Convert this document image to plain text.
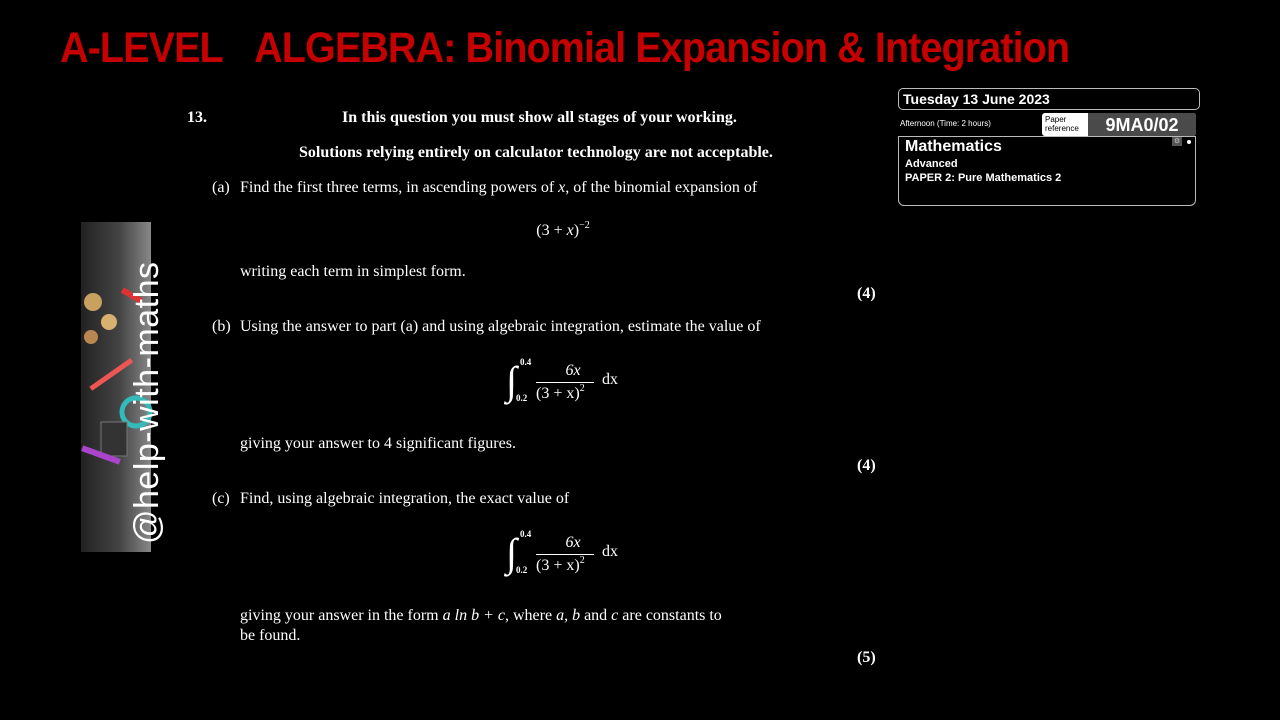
A-LEVEL ALGEBRA: Binomial Expansion & Integration
@help-with-maths
13.	In this question you must show all stages of your working.
Solutions relying entirely on calculator technology are not acceptable.
(a) Find the first three terms, in ascending powers of x, of the binomial expansion of
$(3 + x)^{-2}$
writing each term in simplest form.
(4)
(b) Using the answer to part (a) and using algebraic integration, estimate the value of
∫ 0.4
0.2
6x
$(3 + x)^2$
dx
giving your answer to 4 significant figures.
(4)
(c) Find, using algebraic integration, the exact value of
∫ 0.4
0.2
6x
$(3 + x)^2$
dx
giving your answer in the form a ln b + c, where a, b and c are constants to
be found.
(5)
Tuesday 13 June 2023
Afternoon (Time: 2 hours)	Paper
reference	9MA0/02
Mathematics
Advanced
PAPER 2: Pure Mathematics 2
⚙
